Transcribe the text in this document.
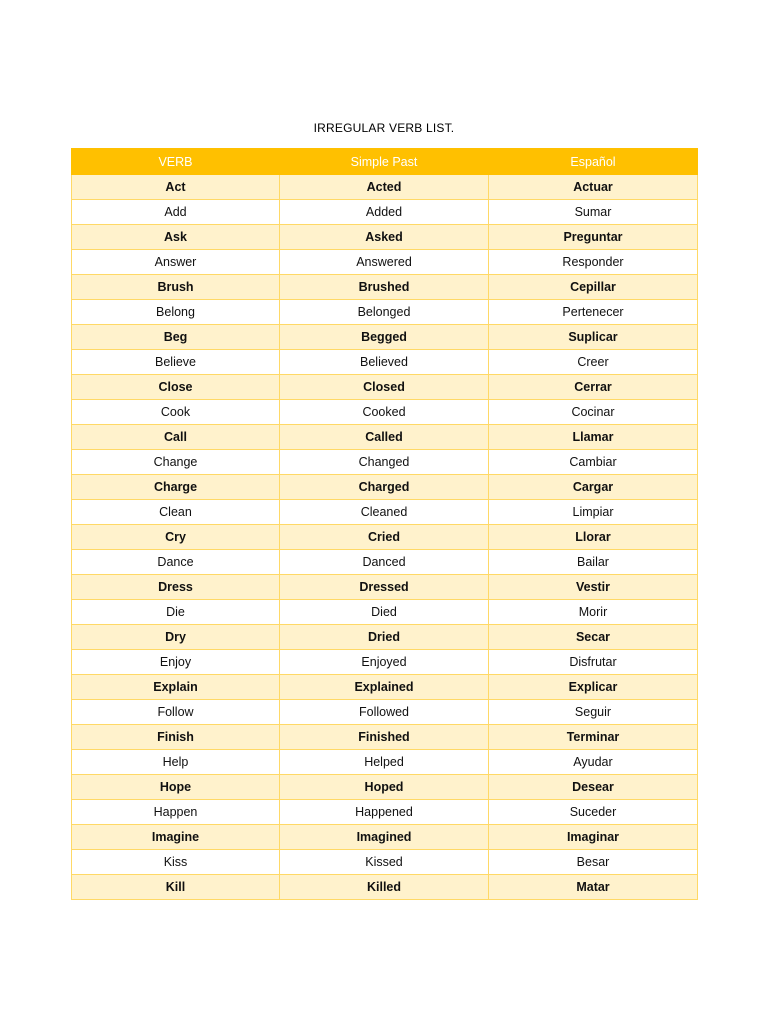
IRREGULAR VERB LIST.
VERB	Simple Past	Español
Act	Acted	Actuar
Add	Added	Sumar
Ask	Asked	Preguntar
Answer	Answered	Responder
Brush	Brushed	Cepillar
Belong	Belonged	Pertenecer
Beg	Begged	Suplicar
Believe	Believed	Creer
Close	Closed	Cerrar
Cook	Cooked	Cocinar
Call	Called	Llamar
Change	Changed	Cambiar
Charge	Charged	Cargar
Clean	Cleaned	Limpiar
Cry	Cried	Llorar
Dance	Danced	Bailar
Dress	Dressed	Vestir
Die	Died	Morir
Dry	Dried	Secar
Enjoy	Enjoyed	Disfrutar
Explain	Explained	Explicar
Follow	Followed	Seguir
Finish	Finished	Terminar
Help	Helped	Ayudar
Hope	Hoped	Desear
Happen	Happened	Suceder
Imagine	Imagined	Imaginar
Kiss	Kissed	Besar
Kill	Killed	Matar
